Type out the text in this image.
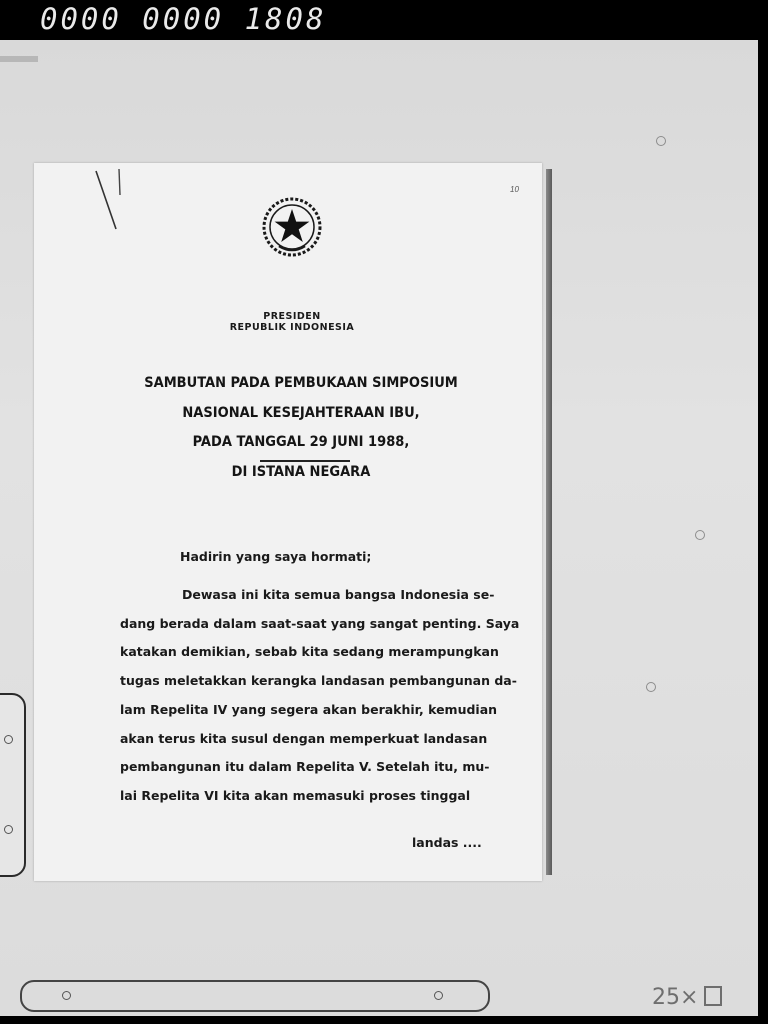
0000 0000 1808
25×
10
PRESIDEN
REPUBLIK INDONESIA
SAMBUTAN PADA PEMBUKAAN SIMPOSIUM
NASIONAL KESEJAHTERAAN IBU,
PADA TANGGAL 29 JUNI 1988,
DI ISTANA NEGARA
Hadirin yang saya hormati;
Dewasa ini kita semua bangsa Indonesia se-
dang berada dalam saat-saat yang sangat penting. Saya
katakan demikian, sebab kita sedang merampungkan
tugas meletakkan kerangka landasan pembangunan da-
lam Repelita IV yang segera akan berakhir, kemudian
akan terus kita susul dengan memperkuat landasan
pembangunan itu dalam Repelita V. Setelah itu, mu-
lai Repelita VI kita akan memasuki proses tinggal
landas ....
